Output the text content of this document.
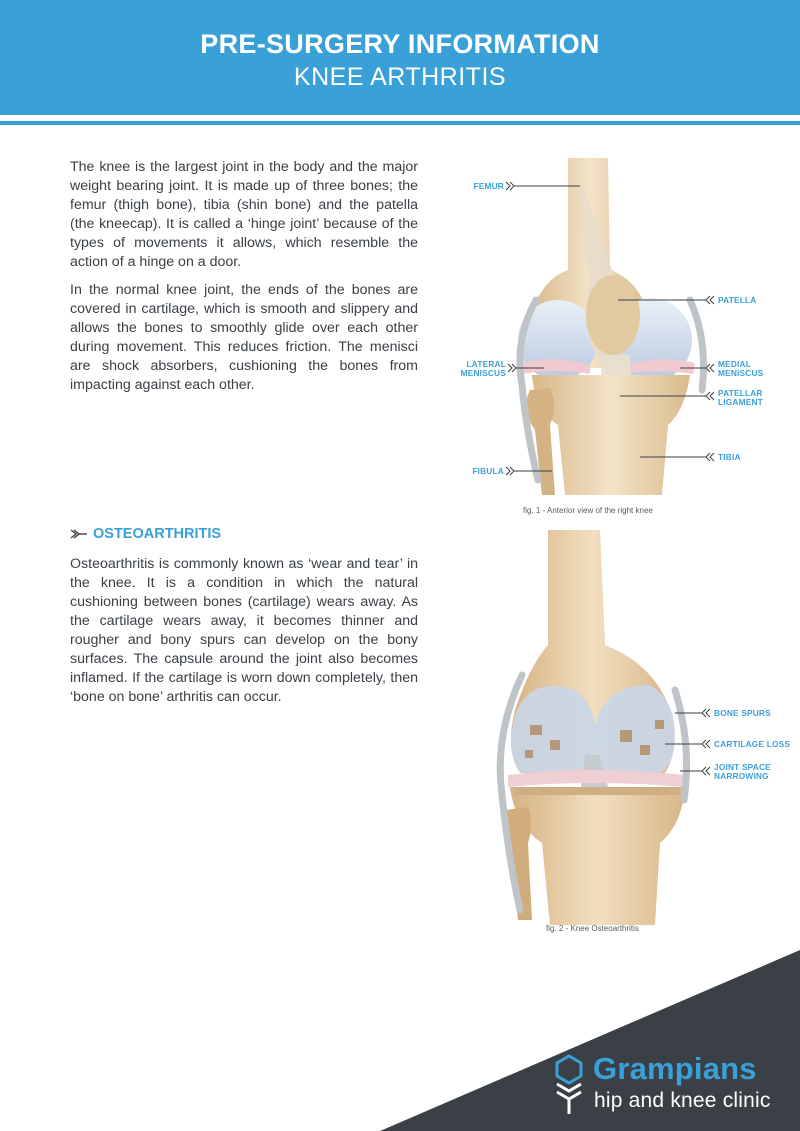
PRE-SURGERY INFORMATION
KNEE ARTHRITIS

The knee is the largest joint in the body and the major weight bearing joint. It is made up of three bones; the femur (thigh bone), tibia (shin bone) and the patella (the kneecap). It is called a ‘hinge joint’ because of the types of movements it allows, which resemble the action of a hinge on a door.

In the normal knee joint, the ends of the bones are covered in cartilage, which is smooth and slippery and allows the bones to smoothly glide over each other during movement. This reduces friction. The menisci are shock absorbers, cushioning the bones from impacting against each other.

OSTEOARTHRITIS

Osteoarthritis is commonly known as ‘wear and tear’ in the knee. It is a condition in which the natural cushioning between bones (cartilage) wears away. As the cartilage wears away, it becomes thinner and rougher and bony spurs can develop on the bony surfaces. The capsule around the joint also becomes inflamed. If the cartilage is worn down completely, then ‘bone on bone’ arthritis can occur.

FEMUR
PATELLA
LATERAL
MENISCUS
MEDIAL
MENISCUS
PATELLAR
LIGAMENT
TIBIA
FIBULA
fig. 1 - Anterior view of the right knee
BONE SPURS
CARTILAGE LOSS
JOINT SPACE
NARROWING
fig. 2 - Knee Osteoarthritis
Grampians
hip and knee clinic
